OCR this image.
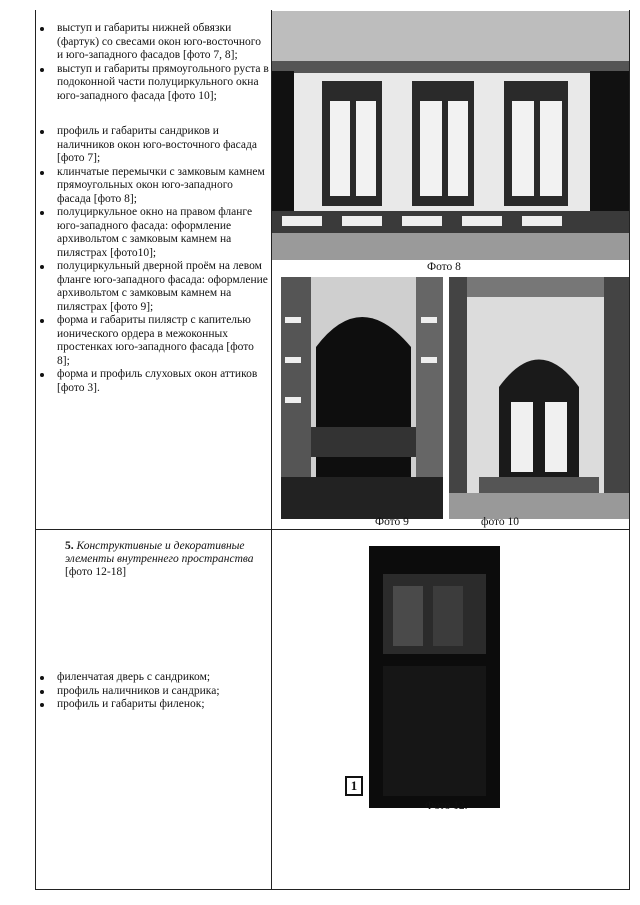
выступ и габариты нижней обвязки (фартук) со свесами окон юго-восточного и юго-западного фасадов [фото 7, 8];
выступ и габариты прямоугольного руста в подоконной части полуциркульного окна юго-западного фасада [фото 10];
профиль и габариты сандриков и наличников окон юго-восточного фасада [фото 7];
клинчатые перемычки с замковым камнем прямоугольных окон юго-западного фасада [фото 8];
полуциркульное окно на правом фланге юго-западного фасада: оформление архивольтом с замковым камнем на пилястрах [фото10];
полуциркульный дверной проём на левом фланге юго-западного фасада: оформление архивольтом с замковым камнем на пилястрах [фото 9];
форма и габариты пилястр с капителью ионического ордера в межоконных простенках юго-западного фасада [фото 8];
форма и профиль слуховых окон аттиков [фото 3].
Фото 8
Фото 9	фото 10
5. Конструктивные и декоративные элементы внутреннего пространства
[фото 12-18]
филенчатая дверь с сандриком;
профиль наличников и сандрика;
профиль и габариты филенок;
1
Фото 12.
